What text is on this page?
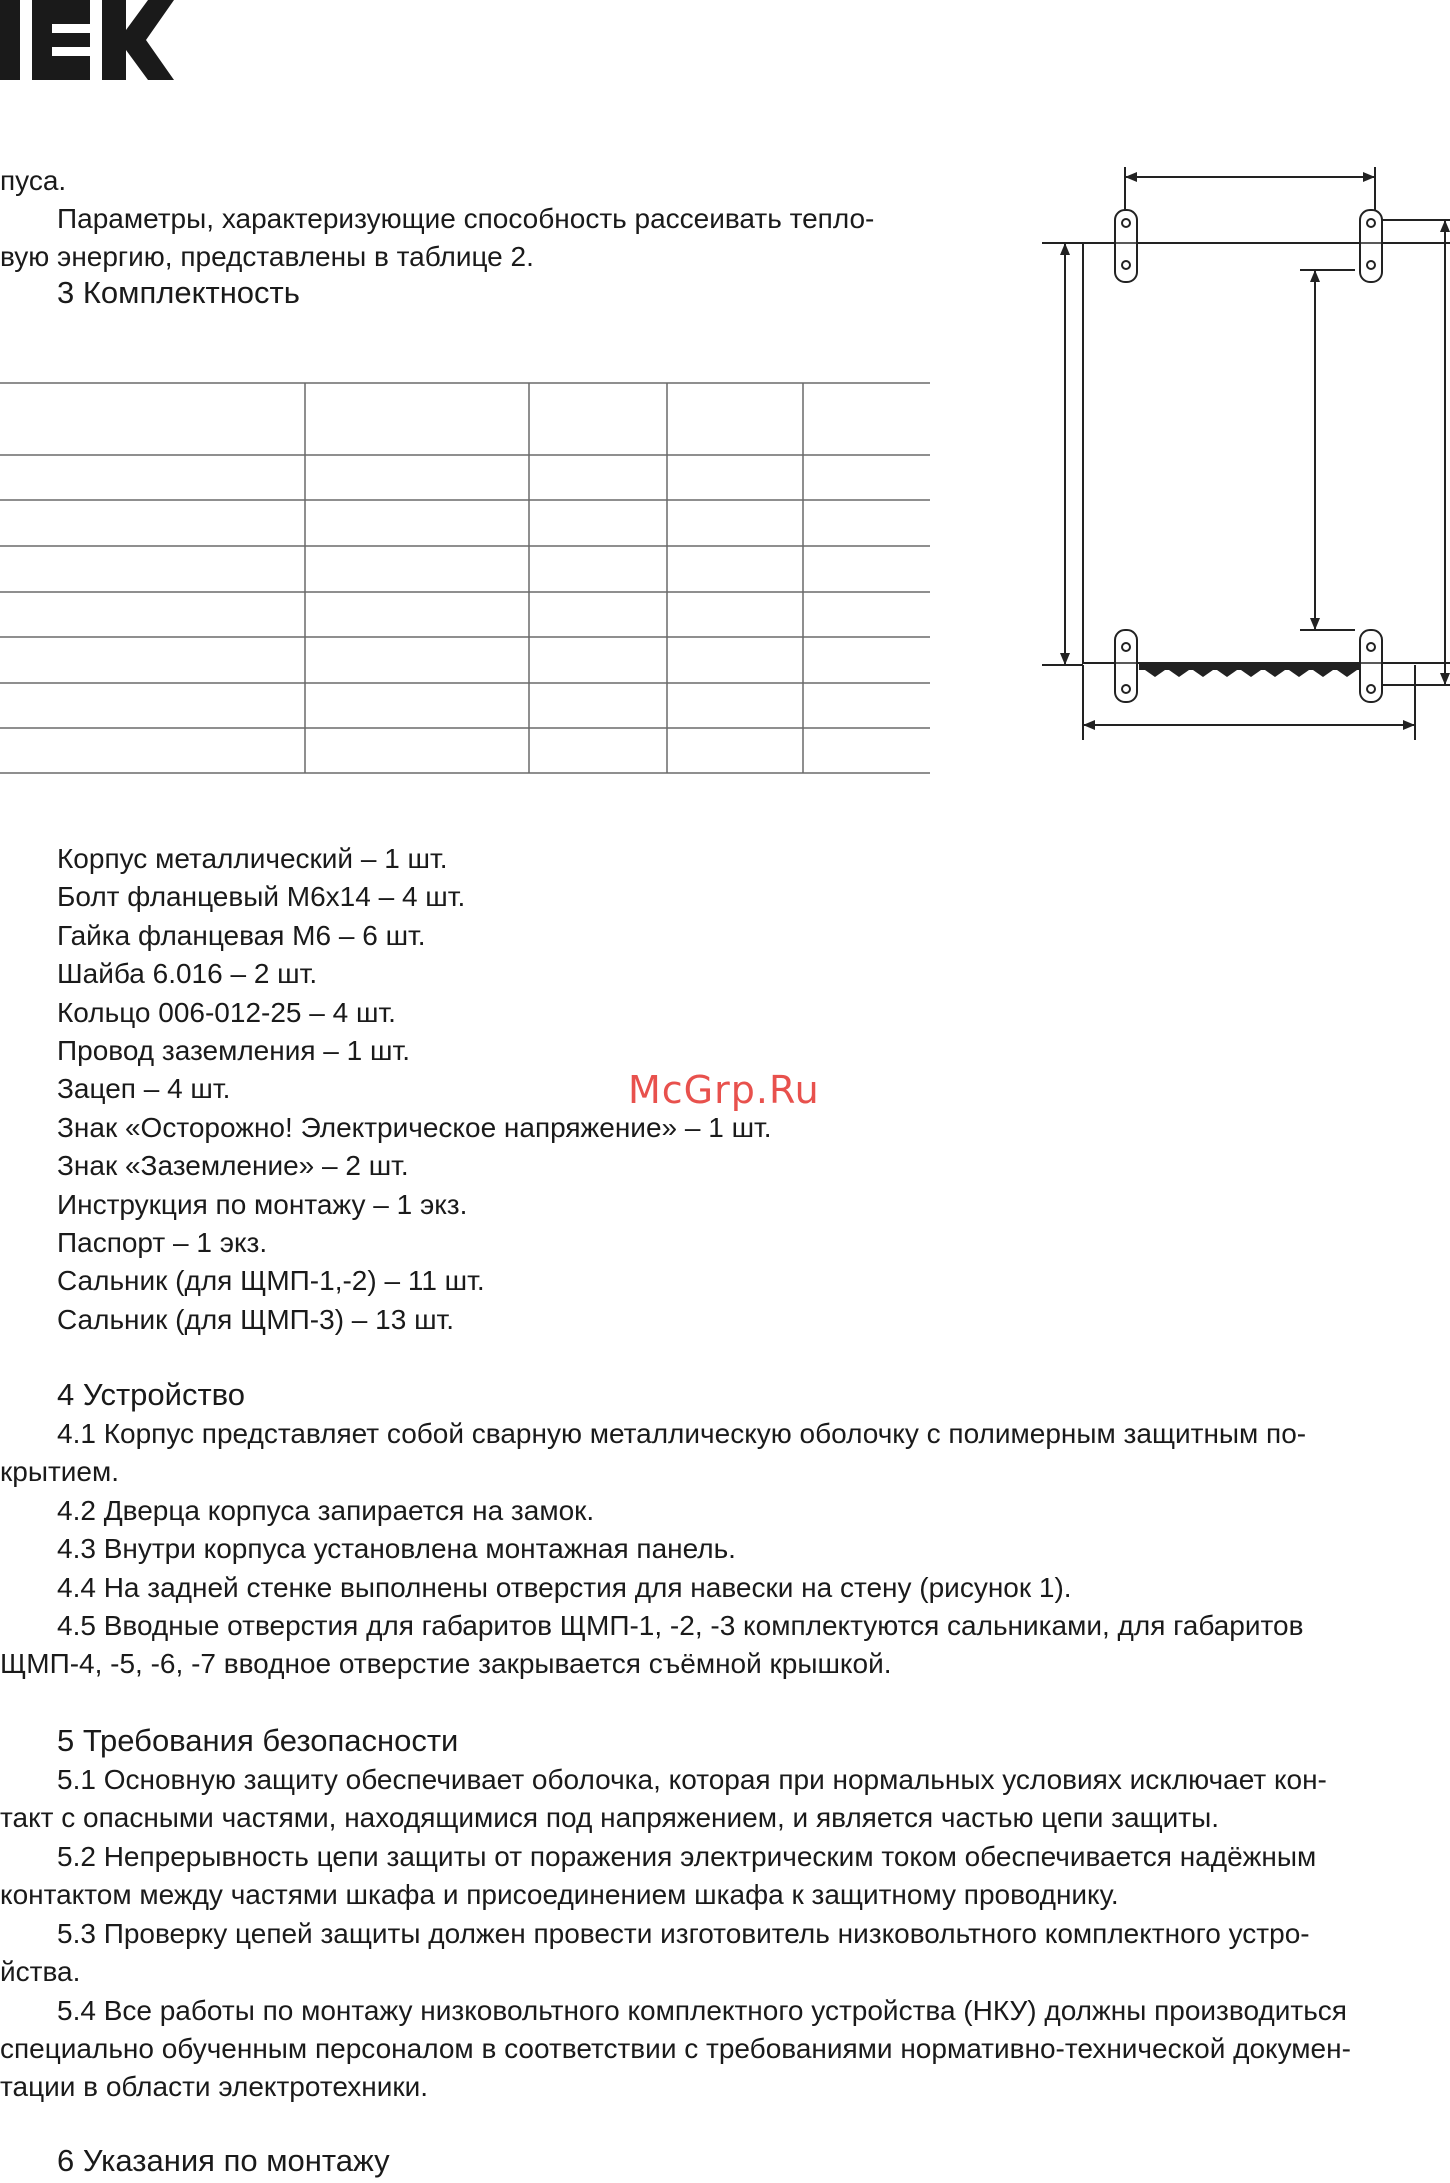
пуса.

Параметры, характеризующие способность рассеивать тепло-

вую энергию, представлены в таблице 2.

3 Комплектность

Корпус металлический – 1 шт.

Болт фланцевый М6х14 – 4 шт.

Гайка фланцевая М6 – 6 шт.

Шайба 6.016 – 2 шт.

Кольцо 006-012-25 – 4 шт.

Провод заземления – 1 шт.

Зацеп – 4 шт.

Знак «Осторожно! Электрическое напряжение» – 1 шт.

Знак «Заземление» – 2 шт.

Инструкция по монтажу – 1 экз.

Паспорт – 1 экз.

Сальник (для ЩМП-1,-2) – 11 шт.

Сальник (для ЩМП-3) – 13 шт.

McGrp.Ru

4 Устройство

4.1 Корпус представляет собой сварную металлическую оболочку с полимерным защитным по-

крытием.

4.2 Дверца корпуса запирается на замок.

4.3 Внутри корпуса установлена монтажная панель.

4.4 На задней стенке выполнены отверстия для навески на стену (рисунок 1).

4.5 Вводные отверстия для габаритов ЩМП-1, -2, -3 комплектуются сальниками, для габаритов

ЩМП-4, -5, -6, -7 вводное отверстие закрывается съёмной крышкой.

5 Требования безопасности

5.1 Основную защиту обеспечивает оболочка, которая при нормальных условиях исключает кон-

такт с опасными частями, находящимися под напряжением, и является частью цепи защиты.

5.2 Непрерывность цепи защиты от поражения электрическим током обеспечивается надёжным

контактом между частями шкафа и присоединением шкафа к защитному проводнику.

5.3 Проверку цепей защиты должен провести изготовитель низковольтного комплектного устро-

йства.

5.4 Все работы по монтажу низковольтного комплектного устройства (НКУ) должны производиться

специально обученным персоналом в соответствии с требованиями нормативно-технической докумен-

тации в области электротехники.

6 Указания по монтажу
